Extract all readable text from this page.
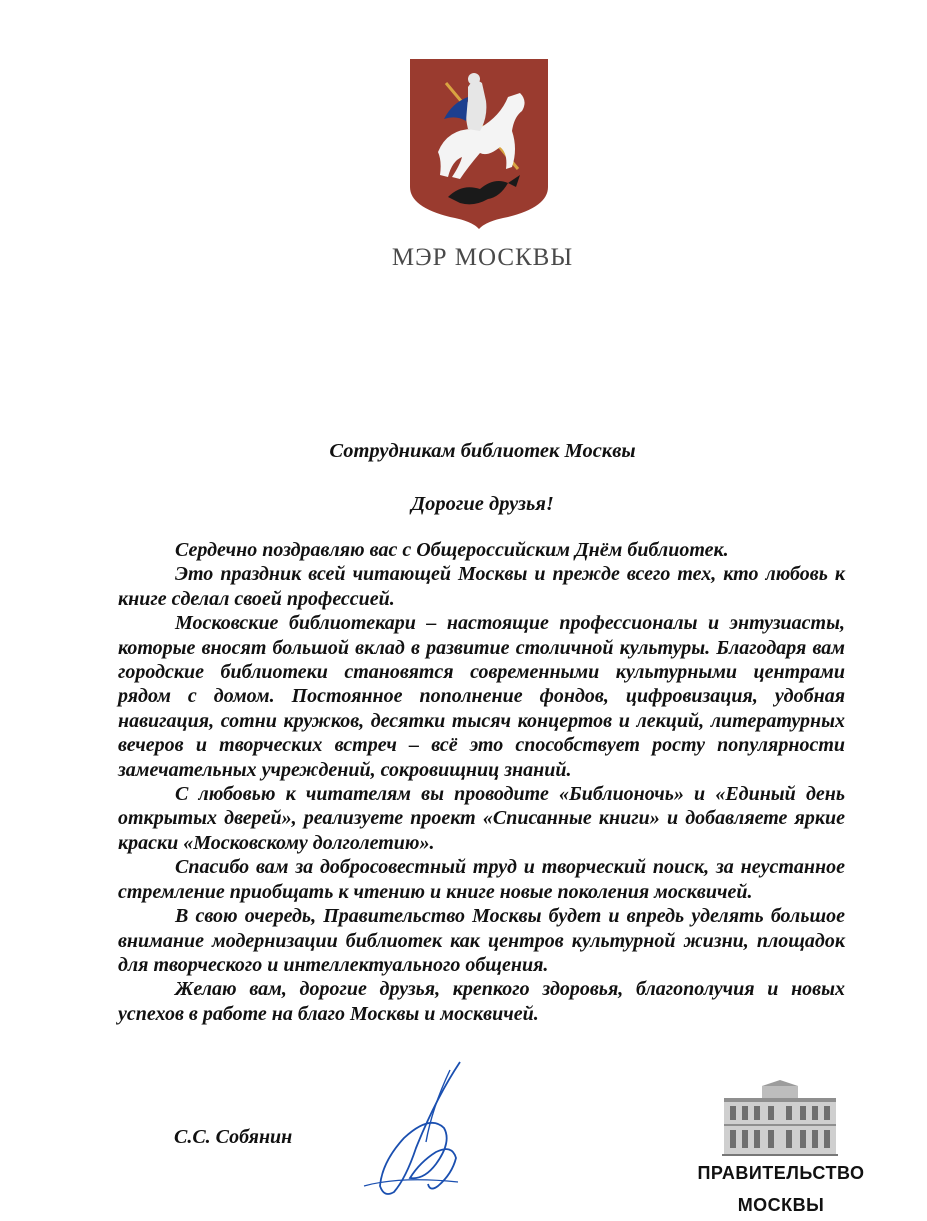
МЭР МОСКВЫ
Сотрудникам библиотек Москвы
Дорогие друзья!

Сердечно поздравляю вас с Общероссийским Днём библиотек.

Это праздник всей читающей Москвы и прежде всего тех, кто любовь к книге сделал своей профессией.

Московские библиотекари – настоящие профессионалы и энтузиасты, которые вносят большой вклад в развитие столичной культуры. Благодаря вам городские библиотеки становятся современными культурными центрами рядом с домом. Постоянное пополнение фондов, цифровизация, удобная навигация, сотни кружков, десятки тысяч концертов и лекций, литературных вечеров и творческих встреч – всё это способствует росту популярности замечательных учреждений, сокровищниц знаний.

С любовью к читателям вы проводите «Библионочь» и «Единый день открытых дверей», реализуете проект «Списанные книги» и добавляете яркие краски «Московскому долголетию».

Спасибо вам за добросовестный труд и творческий поиск, за неустанное стремление приобщать к чтению и книге новые поколения москвичей.

В свою очередь, Правительство Москвы будет и впредь уделять большое внимание модернизации библиотек как центров культурной жизни, площадок для творческого и интеллектуального общения.

Желаю вам, дорогие друзья, крепкого здоровья, благополучия и новых успехов в работе на благо Москвы и москвичей.

С.С. Собянин
ПРАВИТЕЛЬСТВО
МОСКВЫ
